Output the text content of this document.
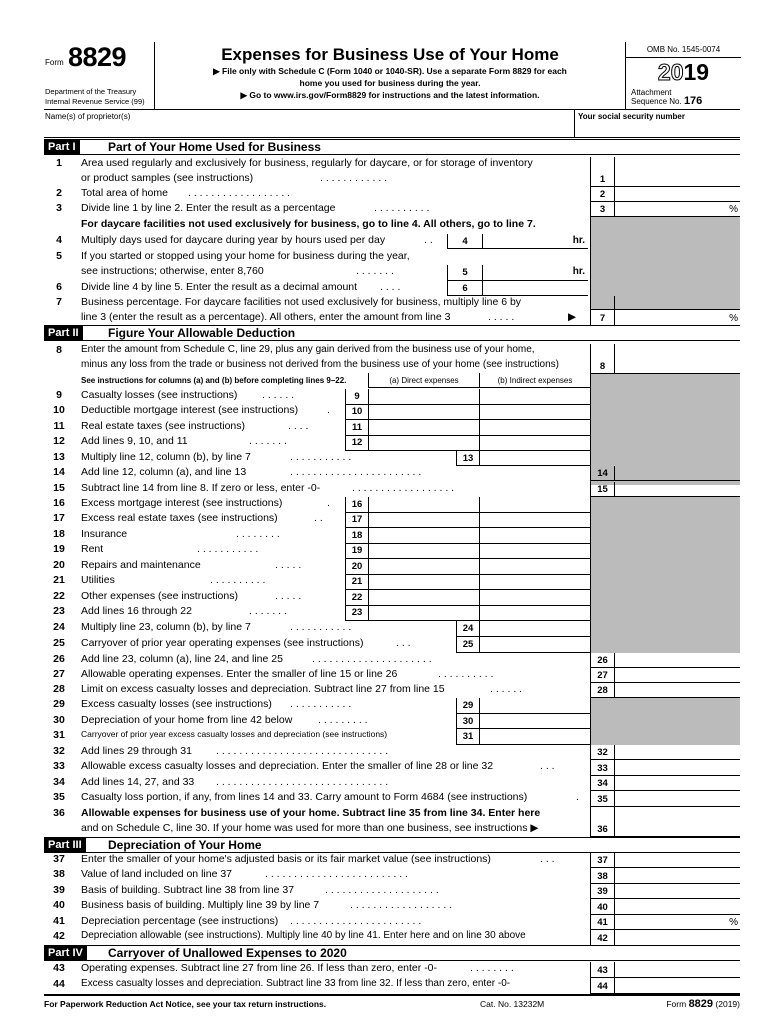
Form 8829
Department of the Treasury
Internal Revenue Service (99)
Expenses for Business Use of Your Home
▶ File only with Schedule C (Form 1040 or 1040-SR). Use a separate Form 8829 for each
home you used for business during the year.
▶ Go to www.irs.gov/Form8829 for instructions and the latest information.
OMB No. 1545-0074
2019
Attachment
Sequence No. 176
Name(s) of proprietor(s)	Your social security number
Part I	Part of Your Home Used for Business
1	Area used regularly and exclusively for business, regularly for daycare, or for storage of inventory
or product samples (see instructions)	. . . . . . . . . . . .	1
2	Total area of home . . . . . . . . . . . . . . . . . .	2
3	Divide line 1 by line 2. Enter the result as a percentage	. . . . . . . . . .	3	%
For daycare facilities not used exclusively for business, go to line 4. All others, go to line 7.
4	Multiply days used for daycare during year by hours used per day	. .	4	hr.
5	If you started or stopped using your home for business during the year,
see instructions; otherwise, enter 8,760	. . . . . . .	5	hr.
6	Divide line 4 by line 5. Enter the result as a decimal amount . . . .	6
7	Business percentage. For daycare facilities not used exclusively for business, multiply line 6 by
line 3 (enter the result as a percentage). All others, enter the amount from line 3	. . . . .	▶	7	%
Part II	Figure Your Allowable Deduction
8	Enter the amount from Schedule C, line 29, plus any gain derived from the business use of your home,
minus any loss from the trade or business not derived from the business use of your home (see instructions)	8
See instructions for columns (a) and (b) before completing lines 9–22.	(a) Direct expenses	(b) Indirect expenses
9	Casualty losses (see instructions) . . . . . .	9
10	Deductible mortgage interest (see instructions)	.	10
11	Real estate taxes (see instructions)	. . . .	11
12	Add lines 9, 10, and 11	. . . . . . .	12
13	Multiply line 12, column (b), by line 7	. . . . . . . . . . .	13
14	Add line 12, column (a), and line 13	. . . . . . . . . . . . . . . . . . . . . . .	14
15	Subtract line 14 from line 8. If zero or less, enter -0-	. . . . . . . . . . . . . . . . . .	15
16	Excess mortgage interest (see instructions)	.	16
17	Excess real estate taxes (see instructions)	. .	17
18	Insurance	. . . . . . . .	18
19	Rent	. . . . . . . . . . .	19
20	Repairs and maintenance	. . . . .	20
21	Utilities	. . . . . . . . . .	21
22	Other expenses (see instructions)	. . . . .	22
23	Add lines 16 through 22	. . . . . . .	23
24	Multiply line 23, column (b), by line 7	. . . . . . . . . . .	24
25	Carryover of prior year operating expenses (see instructions)	. . .	25
26	Add line 23, column (a), line 24, and line 25	. . . . . . . . . . . . . . . . . . . . .	26
27	Allowable operating expenses. Enter the smaller of line 15 or line 26	. . . . . . . . . .	27
28	Limit on excess casualty losses and depreciation. Subtract line 27 from line 15	. . . . . .	28
29	Excess casualty losses (see instructions) . . . . . . . . . . .	29
30	Depreciation of your home from line 42 below . . . . . . . . .	30
31	Carryover of prior year excess casualty losses and depreciation (see instructions)	31
32	Add lines 29 through 31 . . . . . . . . . . . . . . . . . . . . . . . . . . . . . .	32
33	Allowable excess casualty losses and depreciation. Enter the smaller of line 28 or line 32	. . .	33
34	Add lines 14, 27, and 33 . . . . . . . . . . . . . . . . . . . . . . . . . . . . . .	34
35	Casualty loss portion, if any, from lines 14 and 33. Carry amount to Form 4684 (see instructions)	.	35
36	Allowable expenses for business use of your home. Subtract line 35 from line 34. Enter here
and on Schedule C, line 30. If your home was used for more than one business, see instructions ▶	36
Part III	Depreciation of Your Home
37	Enter the smaller of your home's adjusted basis or its fair market value (see instructions)	. . .	37
38	Value of land included on line 37	. . . . . . . . . . . . . . . . . . . . . . . . .	38
39	Basis of building. Subtract line 38 from line 37	. . . . . . . . . . . . . . . . . . . .	39
40	Business basis of building. Multiply line 39 by line 7	. . . . . . . . . . . . . . . . . .	40
41	Depreciation percentage (see instructions) . . . . . . . . . . . . . . . . . . . . . . .	41	%
42	Depreciation allowable (see instructions). Multiply line 40 by line 41. Enter here and on line 30 above	42
Part IV	Carryover of Unallowed Expenses to 2020
43	Operating expenses. Subtract line 27 from line 26. If less than zero, enter -0-	. . . . . . . .	43
44	Excess casualty losses and depreciation. Subtract line 33 from line 32. If less than zero, enter -0-	44
For Paperwork Reduction Act Notice, see your tax return instructions.	Cat. No. 13232M	Form 8829 (2019)
